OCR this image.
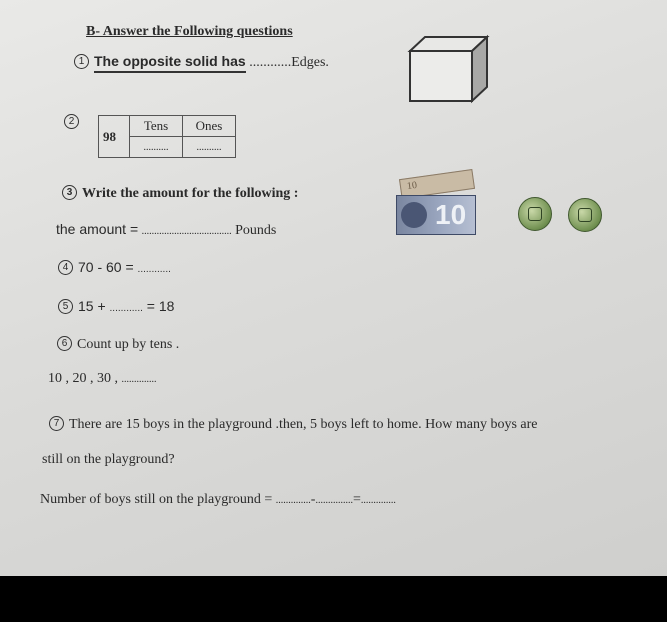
B- Answer the Following questions
1 The opposite solid has ............Edges.
2
98	Tens	Ones
	..........	..........
3 Write the amount for the following :
the amount = .................................... Pounds
10
10
4 70 - 60 = ............
5 15 + ............ = 18
6 Count up by tens .
10 , 20 , 30 , ..............
7 There are 15 boys in the playground .then, 5 boys left to home. How many boys are
still on the playground?
Number of boys still on the playground = ..............-...............=..............
